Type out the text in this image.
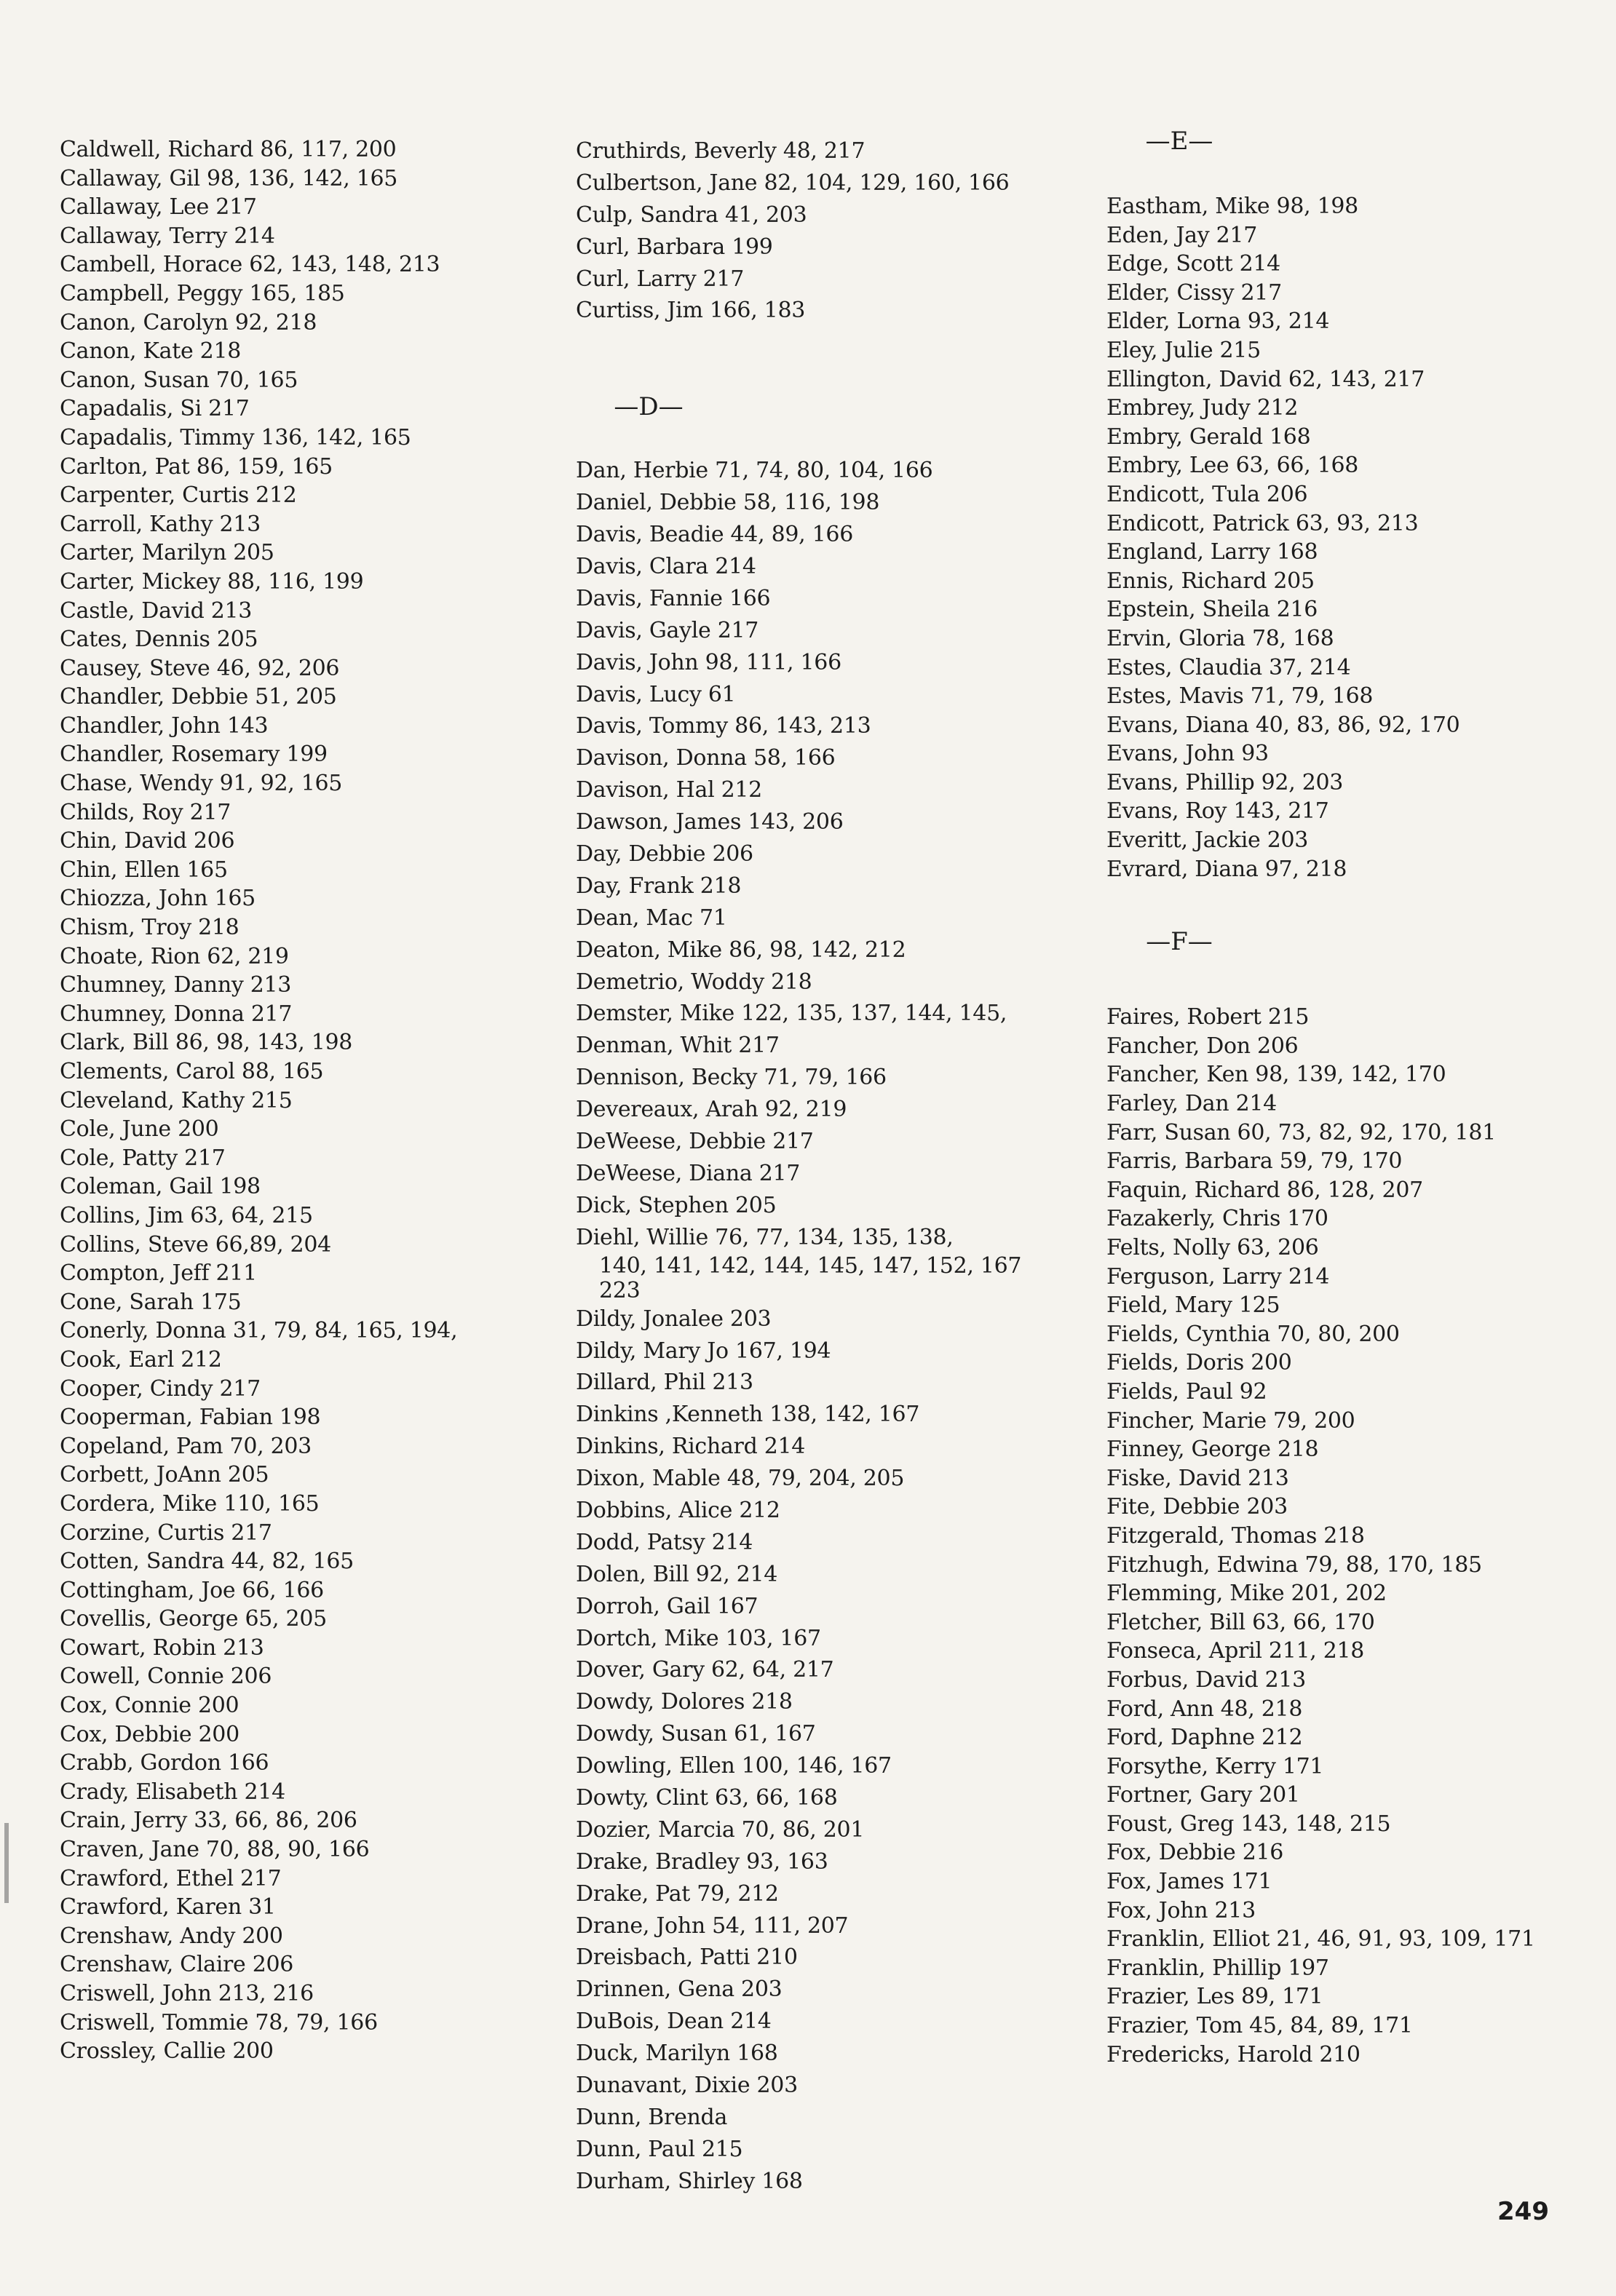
Caldwell, Richard 86, 117, 200
Callaway, Gil 98, 136, 142, 165
Callaway, Lee 217
Callaway, Terry 214
Cambell, Horace 62, 143, 148, 213
Campbell, Peggy 165, 185
Canon, Carolyn 92, 218
Canon, Kate 218
Canon, Susan 70, 165
Capadalis, Si 217
Capadalis, Timmy 136, 142, 165
Carlton, Pat 86, 159, 165
Carpenter, Curtis 212
Carroll, Kathy 213
Carter, Marilyn 205
Carter, Mickey 88, 116, 199
Castle, David 213
Cates, Dennis 205
Causey, Steve 46, 92, 206
Chandler, Debbie 51, 205
Chandler, John 143
Chandler, Rosemary 199
Chase, Wendy 91, 92, 165
Childs, Roy 217
Chin, David 206
Chin, Ellen 165
Chiozza, John 165
Chism, Troy 218
Choate, Rion 62, 219
Chumney, Danny 213
Chumney, Donna 217
Clark, Bill 86, 98, 143, 198
Clements, Carol 88, 165
Cleveland, Kathy 215
Cole, June 200
Cole, Patty 217
Coleman, Gail 198
Collins, Jim 63, 64, 215
Collins, Steve 66,89, 204
Compton, Jeff 211
Cone, Sarah 175
Conerly, Donna 31, 79, 84, 165, 194,
Cook, Earl 212
Cooper, Cindy 217
Cooperman, Fabian 198
Copeland, Pam 70, 203
Corbett, JoAnn 205
Cordera, Mike 110, 165
Corzine, Curtis 217
Cotten, Sandra 44, 82, 165
Cottingham, Joe 66, 166
Covellis, George 65, 205
Cowart, Robin 213
Cowell, Connie 206
Cox, Connie 200
Cox, Debbie 200
Crabb, Gordon 166
Crady, Elisabeth 214
Crain, Jerry 33, 66, 86, 206
Craven, Jane 70, 88, 90, 166
Crawford, Ethel 217
Crawford, Karen 31
Crenshaw, Andy 200
Crenshaw, Claire 206
Criswell, John 213, 216
Criswell, Tommie 78, 79, 166
Crossley, Callie 200
Cruthirds, Beverly 48, 217
Culbertson, Jane 82, 104, 129, 160, 166
Culp, Sandra 41, 203
Curl, Barbara 199
Curl, Larry 217
Curtiss, Jim 166, 183
—D—
Dan, Herbie 71, 74, 80, 104, 166
Daniel, Debbie 58, 116, 198
Davis, Beadie 44, 89, 166
Davis, Clara 214
Davis, Fannie 166
Davis, Gayle 217
Davis, John 98, 111, 166
Davis, Lucy 61
Davis, Tommy 86, 143, 213
Davison, Donna 58, 166
Davison, Hal 212
Dawson, James 143, 206
Day, Debbie 206
Day, Frank 218
Dean, Mac 71
Deaton, Mike 86, 98, 142, 212
Demetrio, Woddy 218
Demster, Mike 122, 135, 137, 144, 145,
Denman, Whit 217
Dennison, Becky 71, 79, 166
Devereaux, Arah 92, 219
DeWeese, Debbie 217
DeWeese, Diana 217
Dick, Stephen 205
Diehl, Willie 76, 77, 134, 135, 138,
140, 141, 142, 144, 145, 147, 152, 167
223
Dildy, Jonalee 203
Dildy, Mary Jo 167, 194
Dillard, Phil 213
Dinkins ,Kenneth 138, 142, 167
Dinkins, Richard 214
Dixon, Mable 48, 79, 204, 205
Dobbins, Alice 212
Dodd, Patsy 214
Dolen, Bill 92, 214
Dorroh, Gail 167
Dortch, Mike 103, 167
Dover, Gary 62, 64, 217
Dowdy, Dolores 218
Dowdy, Susan 61, 167
Dowling, Ellen 100, 146, 167
Dowty, Clint 63, 66, 168
Dozier, Marcia 70, 86, 201
Drake, Bradley 93, 163
Drake, Pat 79, 212
Drane, John 54, 111, 207
Dreisbach, Patti 210
Drinnen, Gena 203
DuBois, Dean 214
Duck, Marilyn 168
Dunavant, Dixie 203
Dunn, Brenda
Dunn, Paul 215
Durham, Shirley 168
—E—
Eastham, Mike 98, 198
Eden, Jay 217
Edge, Scott 214
Elder, Cissy 217
Elder, Lorna 93, 214
Eley, Julie 215
Ellington, David 62, 143, 217
Embrey, Judy 212
Embry, Gerald 168
Embry, Lee 63, 66, 168
Endicott, Tula 206
Endicott, Patrick 63, 93, 213
England, Larry 168
Ennis, Richard 205
Epstein, Sheila 216
Ervin, Gloria 78, 168
Estes, Claudia 37, 214
Estes, Mavis 71, 79, 168
Evans, Diana 40, 83, 86, 92, 170
Evans, John 93
Evans, Phillip 92, 203
Evans, Roy 143, 217
Everitt, Jackie 203
Evrard, Diana 97, 218
—F—
Faires, Robert 215
Fancher, Don 206
Fancher, Ken 98, 139, 142, 170
Farley, Dan 214
Farr, Susan 60, 73, 82, 92, 170, 181
Farris, Barbara 59, 79, 170
Faquin, Richard 86, 128, 207
Fazakerly, Chris 170
Felts, Nolly 63, 206
Ferguson, Larry 214
Field, Mary 125
Fields, Cynthia 70, 80, 200
Fields, Doris 200
Fields, Paul 92
Fincher, Marie 79, 200
Finney, George 218
Fiske, David 213
Fite, Debbie 203
Fitzgerald, Thomas 218
Fitzhugh, Edwina 79, 88, 170, 185
Flemming, Mike 201, 202
Fletcher, Bill 63, 66, 170
Fonseca, April 211, 218
Forbus, David 213
Ford, Ann 48, 218
Ford, Daphne 212
Forsythe, Kerry 171
Fortner, Gary 201
Foust, Greg 143, 148, 215
Fox, Debbie 216
Fox, James 171
Fox, John 213
Franklin, Elliot 21, 46, 91, 93, 109, 171
Franklin, Phillip 197
Frazier, Les 89, 171
Frazier, Tom 45, 84, 89, 171
Fredericks, Harold 210
249
